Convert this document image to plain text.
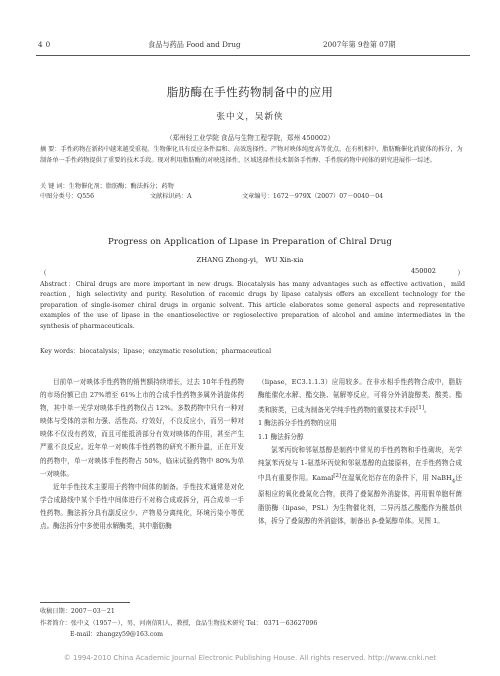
40	食品与药品 Food and Drug	2007年第 9卷第 07期
脂肪酶在手性药物制备中的应用
张中义，吴新侠
（郑州轻工业学院 食品与生物工程学院，郑州 450002）
摘 要：手性药物在新药中越来越受重视。生物催化具有反应条件温和、高效选择性、产物对映体纯度高等优点，在有机相中，脂肪酶催化消旋体的拆分，为制备单一手性药物提供了重要的技术手段。现对利用脂肪酶的对映选择性、区域选择性技术制备手性醇、手性胺药物中间体的研究进展作一综述。
关 键 词：生物催化剂；脂肪酶；酶法拆分；药物
中图分类号：Q556	文献标识码：A	文章编号：1672－979X（2007）07－0040－04
Progress on Application of Lipase in Preparation of Chiral Drug
ZHANG Zhong-yi， WU Xin-xia
（	450002	）
Abstract：Chiral drugs are more important in new drugs. Biocatalysis has many advantages such as effective activation，mild reaction，high selectivity and purity. Resolution of racemic drugs by lipase catalysis offers an excellent technology for the preparation of single-isomer chiral drugs in organic solvent. This article elaborates some general aspects and representative examples of the use of lipase in the enantioselective or regioselective preparation of alcohol and amine intermediates in the synthesis of pharmaceuticals.
Key words：biocatalysis；lipase；enzymatic resolution；pharmaceutical

目前单一对映体手性药物的销售额持续增长，过去 10年手性药物的市场份额已由 27%增至 61%上市的合成手性药物多属外消旋体药物，其中单一光学对映体手性药物仅占 12%。多数药物中只有一种对映体与受体的亲和力强、活性高、疗效好，不良反应小，而另一种对映体不仅没有药效，而且可能抵消部分有效对映体的作用，甚至产生严重不良反应。近年单一对映体手性药物的研究不断升温，正在开发的药物中，单一对映体手性药物占 50%，临床试验药物中 80%为单一对映体。

近年手性技术主要用于药物中间体的制备。手性技术通常是对化学合成路线中某个手性中间体进行不对称合成或拆分，再合成单一手性药物。酶法拆分具有副反应少、产物易分离纯化，环境污染小等优点。酶法拆分中多使用水解酶类，其中脂肪酶

（lipase，EC3.1.1.3）应用较多。在非水相手性药物合成中，脂肪酶能催化水解、酯交换、氨解等反应，可将分外消旋醇类、酸类、酯类和胺类，已成为制备光学纯手性药物的重要技术手段[1]。

1 酶法拆分手性药物的应用

1.1 酶法拆分醇

氯苯丙烷和邻氨基醇是制药中常见的手性药物和手性砌块，光学纯氯苯丙烷与 1-氨基环丙烷和邻氨基醇的直接原料，在手性药物合成中具有重要作用。Kamal[2]在湿氧化铝存在的条件下，用 NaBH$_4$还原相应的氧化叠氮化合物，获得了叠氮醇外消旋体，再用假单胞杆菌脂肪酶（lipase，PSL）为生物催化剂，二异丙基乙酸酯作为酰基供体，拆分了叠氮醇的外消旋体，制备出 β-叠氮醇单体。见图 1。

收稿日期：2007－03－21
作者简介：张中义（1957－），男，河南信阳人，教授，食品生物技术研究 Tel： 0371－63627096
E-mail：zhangzy59@163.com
© 1994-2010 China Academic Journal Electronic Publishing House. All rights reserved. http://www.cnki.net
